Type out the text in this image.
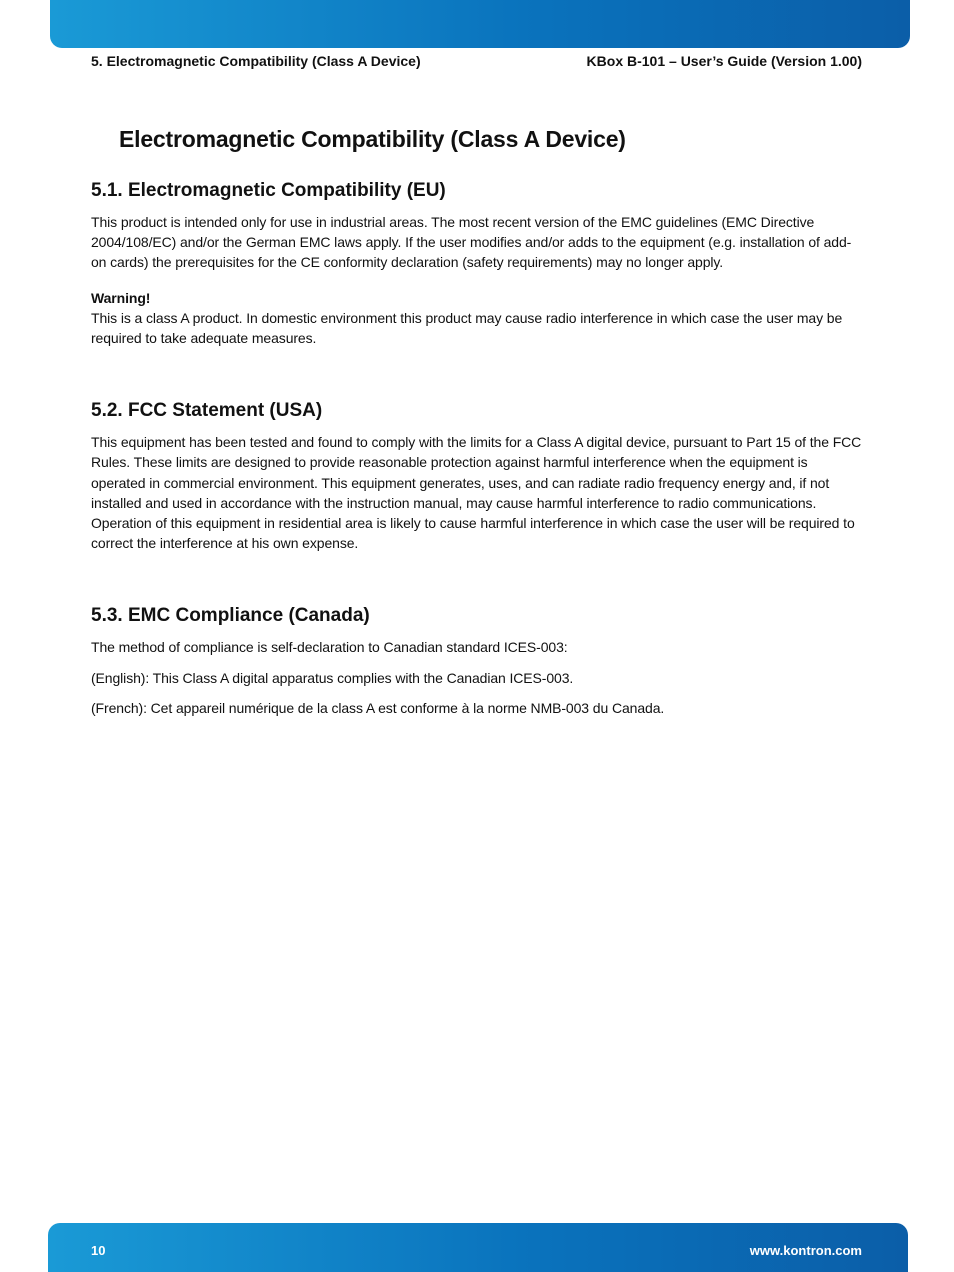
5. Electromagnetic Compatibility (Class A Device)	KBox B-101 – User’s Guide (Version 1.00)
Electromagnetic Compatibility (Class A Device)
5.1. Electromagnetic Compatibility (EU)

This product is intended only for use in industrial areas. The most recent version of the EMC guidelines (EMC Directive 2004/108/EC) and/or the German EMC laws apply. If the user modifies and/or adds to the equipment (e.g. installation of add-on cards) the prerequisites for the CE conformity declaration (safety requirements) may no longer apply.

Warning!

This is a class A product. In domestic environment this product may cause radio interference in which case the user may be required to take adequate measures.

5.2. FCC Statement (USA)

This equipment has been tested and found to comply with the limits for a Class A digital device, pursuant to Part 15 of the FCC Rules. These limits are designed to provide reasonable protection against harmful interference when the equipment is operated in commercial environment. This equipment generates, uses, and can radiate radio frequency energy and, if not installed and used in accordance with the instruction manual, may cause harmful interference to radio communications. Operation of this equipment in residential area is likely to cause harmful interference in which case the user will be required to correct the interference at his own expense.

5.3. EMC Compliance (Canada)

The method of compliance is self-declaration to Canadian standard ICES-003:

(English): This Class A digital apparatus complies with the Canadian ICES-003.

(French): Cet appareil numérique de la class A est conforme à la norme NMB-003 du Canada.

10	www.kontron.com
